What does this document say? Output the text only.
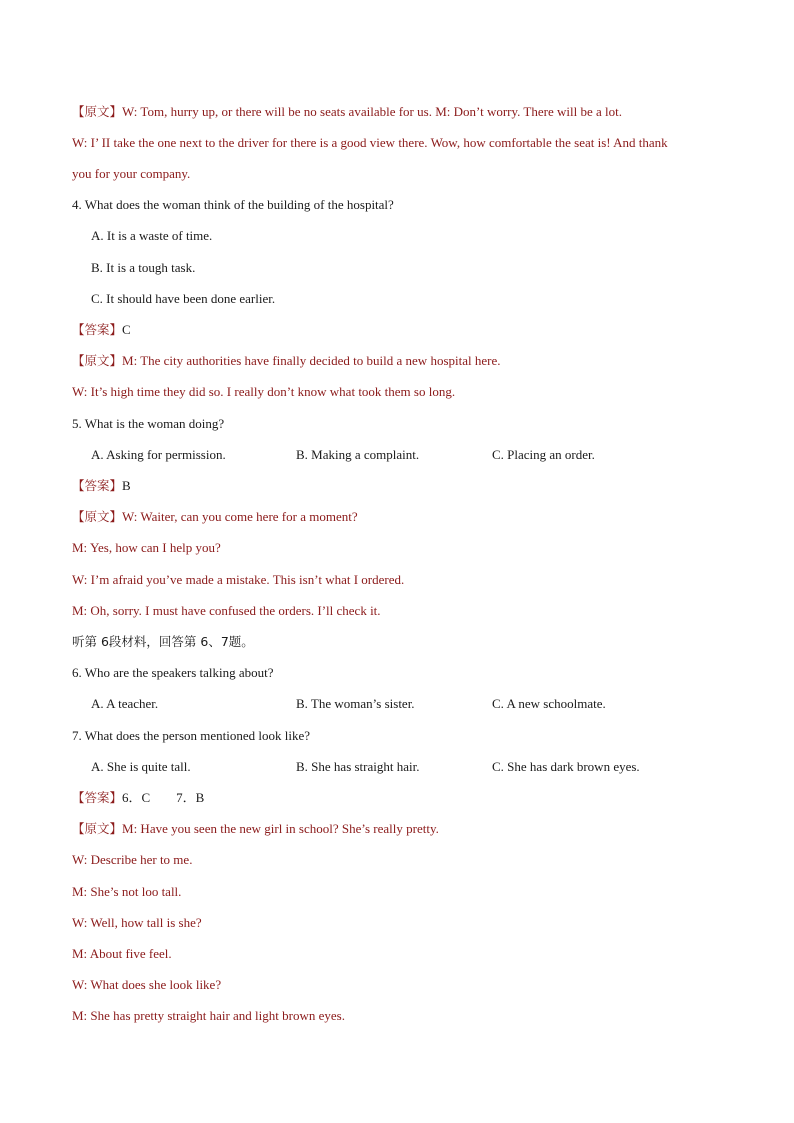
【原文】W: Tom, hurry up, or there will be no seats available for us. M: Don’t worry. There will be a lot.
W: I’ II take the one next to the driver for there is a good view there. Wow, how comfortable the seat is! And thank
you for your company.
4. What does the woman think of the building of the hospital?
A. It is a waste of time.
B. It is a tough task.
C. It should have been done earlier.
【答案】C
【原文】M: The city authorities have finally decided to build a new hospital here.
W: It’s high time they did so. I really don’t know what took them so long.
5. What is the woman doing?
A. Asking for permission.	B. Making a complaint.	C. Placing an order.
【答案】B
【原文】W: Waiter, can you come here for a moment?
M: Yes, how can I help you?
W: I’m afraid you’ve made a mistake. This isn’t what I ordered.
M: Oh, sorry. I must have confused the orders. I’ll check it.
听第 6段材料，回答第 6、7题。
6. Who are the speakers talking about?
A. A teacher.	B. The woman’s sister.	C. A new schoolmate.
7. What does the person mentioned look like?
A. She is quite tall.	B. She has straight hair.	C. She has dark brown eyes.
【答案】6．C        7．B
【原文】M: Have you seen the new girl in school? She’s really pretty.
W: Describe her to me.
M: She’s not loo tall.
W: Well, how tall is she?
M: About five feel.
W: What does she look like?
M: She has pretty straight hair and light brown eyes.
